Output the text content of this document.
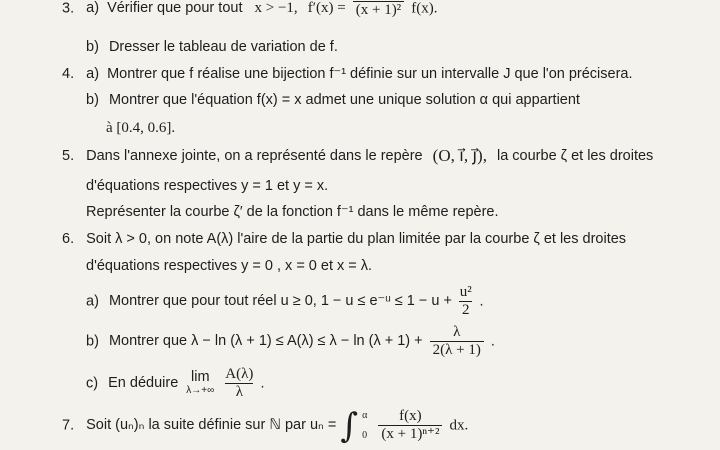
3. a) Vérifier que pour tout x > −1, f′(x) = (x + 1)² f(x).
b) Dresser le tableau de variation de f.
4. a) Montrer que f réalise une bijection f⁻¹ définie sur un intervalle J que l'on précisera.
b) Montrer que l'équation f(x) = x admet une unique solution α qui appartient
à [0.4, 0.6].
5. Dans l'annexe jointe, on a représenté dans le repère (O, i⃗, j⃗), la courbe ζ et les droites
d'équations respectives y = 1 et y = x.
Représenter la courbe ζ′ de la fonction f⁻¹ dans le même repère.
6. Soit λ > 0, on note A(λ) l'aire de la partie du plan limitée par la courbe ζ et les droites
d'équations respectives y = 0 , x = 0 et x = λ.
a) Montrer que pour tout réel u ≥ 0, 1 − u ≤ e⁻ᵘ ≤ $1 - u + \frac{\text{u²}}{2}$ .
b) Montrer que $\lambda - \ln (\lambda + 1) \le A(\lambda) \le \lambda - \ln (\lambda + 1) + \frac{\lambda}{2(\lambda + 1)}$ .
c) En déduire lim
λ→+∞
$\frac{A(\lambda)}{\lambda}$ .
7. Soit (uₙ)ₙ la suite définie sur ℕ par uₙ = ∫ α
0
$\frac{f(x)}{\text{(x + 1)ⁿ⁺²}}$ dx.
